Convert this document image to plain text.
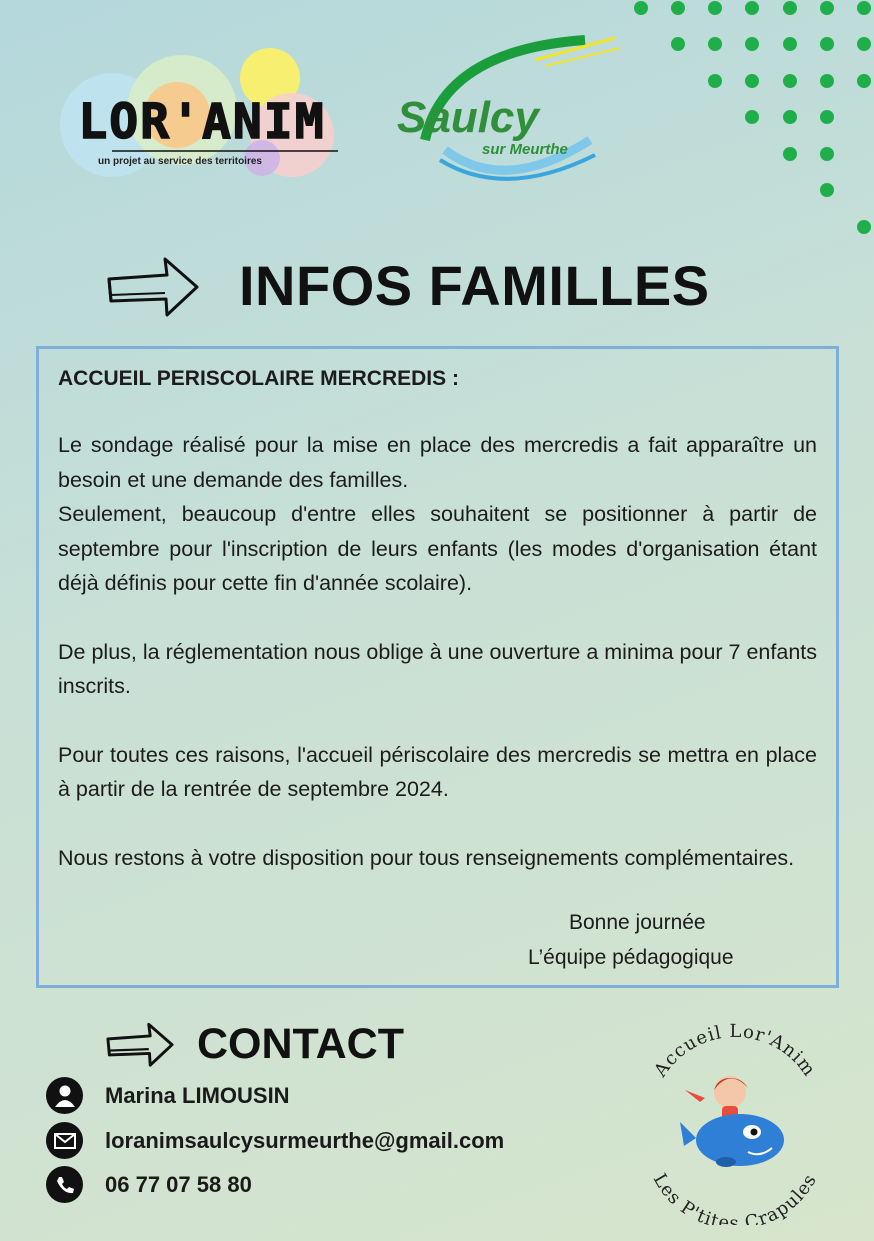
LOR'ANIM
un projet au service des territoires
Saulcy
sur Meurthe
INFOS FAMILLES
ACCUEIL PERISCOLAIRE MERCREDIS :

Le sondage réalisé pour la mise en place des mercredis a fait apparaître un besoin et une demande des familles.

Seulement, beaucoup d'entre elles souhaitent se positionner à partir de septembre pour l'inscription de leurs enfants (les modes d'organisation étant déjà définis pour cette fin d'année scolaire).

De plus, la réglementation nous oblige à une ouverture a minima pour 7 enfants inscrits.

Pour toutes ces raisons, l'accueil périscolaire des mercredis se mettra en place à partir de la rentrée de septembre 2024.

Nous restons à votre disposition pour tous renseignements complémentaires.

Bonne journée
L’équipe pédagogique
CONTACT
Marina LIMOUSIN
loranimsaulcysurmeurthe@gmail.com
06 77 07 58 80
Accueil Lor'Anim
Les P'tites Crapules
